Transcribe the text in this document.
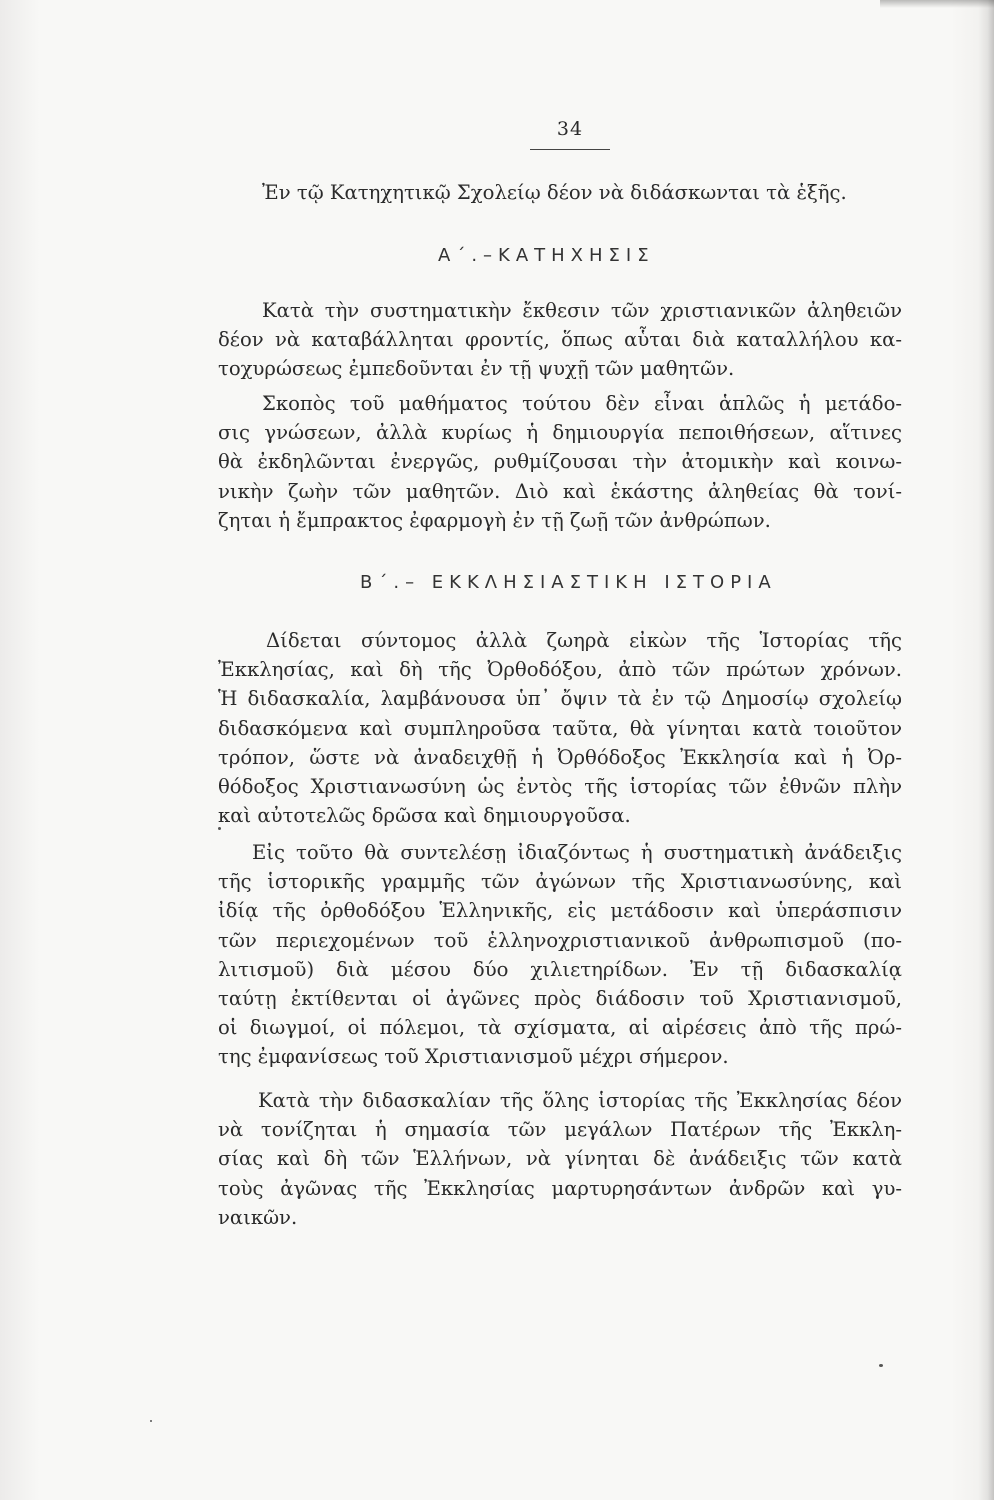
34
Ἐν τῷ Κατηχητικῷ Σχολείῳ δέον νὰ διδάσκωνται τὰ ἑξῆς.
Α΄.–ΚΑΤΗΧΗΣΙΣ
Κατὰ τὴν συστηματικὴν ἔκθεσιν τῶν χριστιανικῶν ἀληθειῶν
δέον νὰ καταβάλληται φροντίς, ὅπως αὗται διὰ καταλλήλου κα-
τοχυρώσεως ἐμπεδοῦνται ἐν τῇ ψυχῇ τῶν μαθητῶν.
Σκοπὸς τοῦ μαθήματος τούτου δὲν εἶναι ἁπλῶς ἡ μετάδο-
σις γνώσεων, ἀλλὰ κυρίως ἡ δημιουργία πεποιθήσεων, αἵτινες
θὰ ἐκδηλῶνται ἐνεργῶς, ρυθμίζουσαι τὴν ἀτομικὴν καὶ κοινω-
νικὴν ζωὴν τῶν μαθητῶν. Διὸ καὶ ἑκάστης ἀληθείας θὰ τονί-
ζηται ἡ ἔμπρακτος ἐφαρμογὴ ἐν τῇ ζωῇ τῶν ἀνθρώπων.
Β΄.– ΕΚΚΛΗΣΙΑΣΤΙΚΗ ΙΣΤΟΡΙΑ
Δίδεται σύντομος ἀλλὰ ζωηρὰ εἰκὼν τῆς Ἱστορίας τῆς
Ἐκκλησίας, καὶ δὴ τῆς Ὀρθοδόξου, ἀπὸ τῶν πρώτων χρόνων.
Ἡ διδασκαλία, λαμβάνουσα ὑπ᾽ ὄψιν τὰ ἐν τῷ Δημοσίῳ σχολείῳ
διδασκόμενα καὶ συμπληροῦσα ταῦτα, θὰ γίνηται κατὰ τοιοῦτον
τρόπον, ὥστε νὰ ἀναδειχθῇ ἡ Ὀρθόδοξος Ἐκκλησία καὶ ἡ Ὀρ-
θόδοξος Χριστιανωσύνη ὡς ἐντὸς τῆς ἱστορίας τῶν ἐθνῶν πλὴν
καὶ αὐτοτελῶς δρῶσα καὶ δημιουργοῦσα.
Εἰς τοῦτο θὰ συντελέσῃ ἰδιαζόντως ἡ συστηματικὴ ἀνάδειξις
τῆς ἱστορικῆς γραμμῆς τῶν ἀγώνων τῆς Χριστιανωσύνης, καὶ
ἰδίᾳ τῆς ὀρθοδόξου Ἑλληνικῆς, εἰς μετάδοσιν καὶ ὑπεράσπισιν
τῶν περιεχομένων τοῦ ἑλληνοχριστιανικοῦ ἀνθρωπισμοῦ (πο-
λιτισμοῦ) διὰ μέσου δύο χιλιετηρίδων. Ἐν τῇ διδασκαλίᾳ
ταύτῃ ἐκτίθενται οἱ ἀγῶνες πρὸς διάδοσιν τοῦ Χριστιανισμοῦ,
οἱ διωγμοί, οἱ πόλεμοι, τὰ σχίσματα, αἱ αἱρέσεις ἀπὸ τῆς πρώ-
της ἐμφανίσεως τοῦ Χριστιανισμοῦ μέχρι σήμερον.
Κατὰ τὴν διδασκαλίαν τῆς ὅλης ἱστορίας τῆς Ἐκκλησίας δέον
νὰ τονίζηται ἡ σημασία τῶν μεγάλων Πατέρων τῆς Ἐκκλη-
σίας καὶ δὴ τῶν Ἑλλήνων, νὰ γίνηται δὲ ἀνάδειξις τῶν κατὰ
τοὺς ἀγῶνας τῆς Ἐκκλησίας μαρτυρησάντων ἀνδρῶν καὶ γυ-
ναικῶν.
